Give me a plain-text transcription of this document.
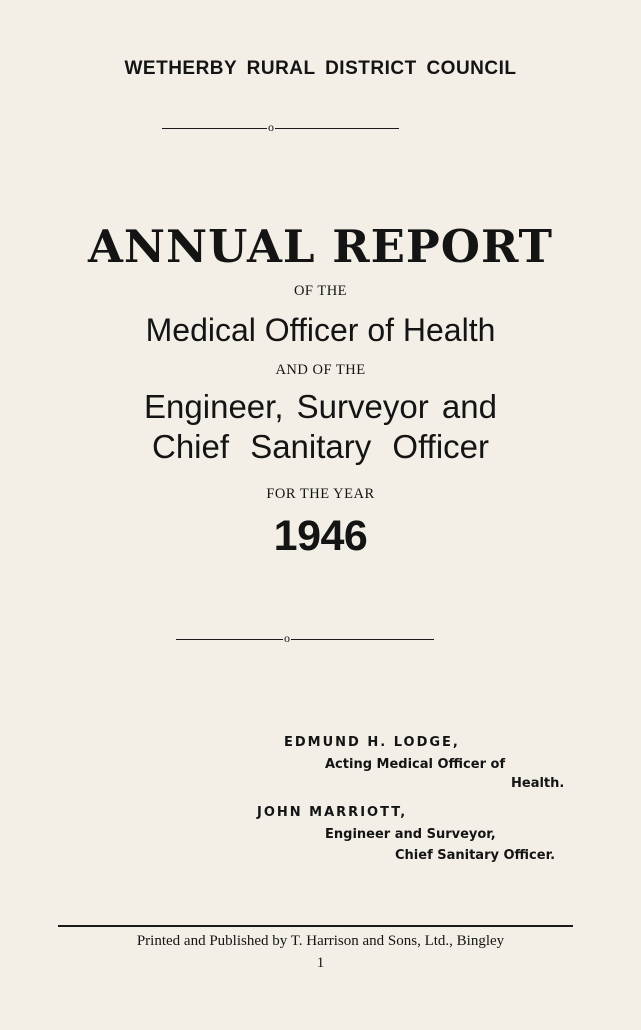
WETHERBY RURAL DISTRICT COUNCIL
o
ANNUAL REPORT
OF THE
Medical Officer of Health
AND OF THE
Engineer, Surveyor and
Chief Sanitary Officer
FOR THE YEAR
1946
o
EDMUND H. LODGE,
Acting Medical Officer of
Health.
JOHN MARRIOTT,
Engineer and Surveyor,
Chief Sanitary Officer.
Printed and Published by T. Harrison and Sons, Ltd., Bingley
1
